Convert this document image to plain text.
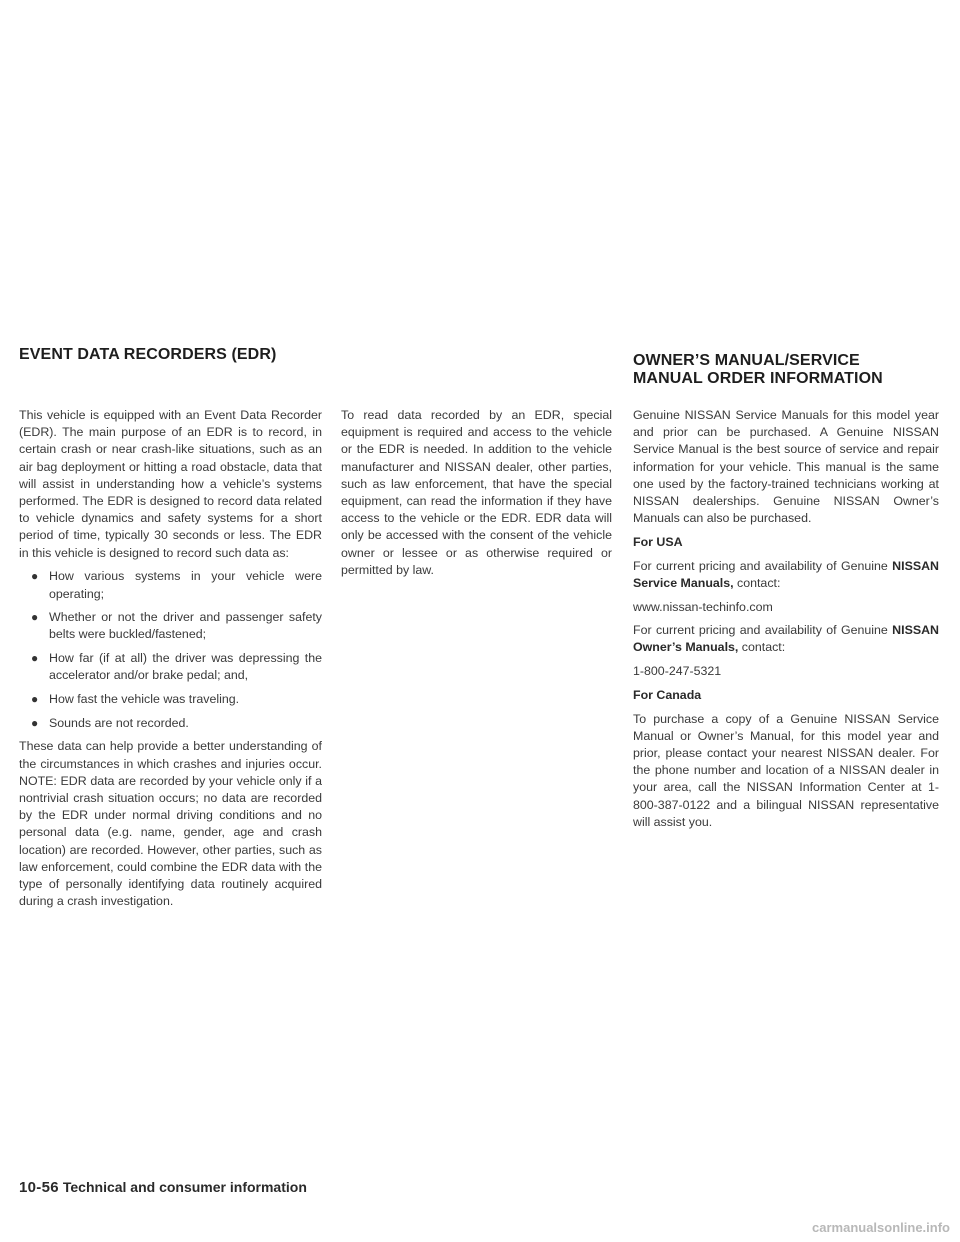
EVENT DATA RECORDERS (EDR)	OWNER’S MANUAL/SERVICE
MANUAL ORDER INFORMATION

This vehicle is equipped with an Event Data Recorder (EDR). The main purpose of an EDR is to record, in certain crash or near crash-like situations, such as an air bag deployment or hitting a road obstacle, data that will assist in understanding how a vehicle’s systems performed. The EDR is designed to record data related to vehicle dynamics and safety systems for a short period of time, typically 30 seconds or less. The EDR in this vehicle is designed to record such data as:

● How various systems in your vehicle were operating;
● Whether or not the driver and passenger safety belts were buckled/fastened;
● How far (if at all) the driver was depressing the accelerator and/or brake pedal; and,
● How fast the vehicle was traveling.
● Sounds are not recorded.

These data can help provide a better understanding of the circumstances in which crashes and injuries occur. NOTE: EDR data are recorded by your vehicle only if a nontrivial crash situation occurs; no data are recorded by the EDR under normal driving conditions and no personal data (e.g. name, gender, age and crash location) are recorded. However, other parties, such as law enforcement, could combine the EDR data with the type of personally identifying data routinely acquired during a crash investigation.

To read data recorded by an EDR, special equipment is required and access to the vehicle or the EDR is needed. In addition to the vehicle manufacturer and NISSAN dealer, other parties, such as law enforcement, that have the special equipment, can read the information if they have access to the vehicle or the EDR. EDR data will only be accessed with the consent of the vehicle owner or lessee or as otherwise required or permitted by law.

Genuine NISSAN Service Manuals for this model year and prior can be purchased. A Genuine NISSAN Service Manual is the best source of service and repair information for your vehicle. This manual is the same one used by the factory-trained technicians working at NISSAN dealerships. Genuine NISSAN Owner’s Manuals can also be purchased.

For USA

For current pricing and availability of Genuine NISSAN Service Manuals, contact:

www.nissan-techinfo.com

For current pricing and availability of Genuine NISSAN Owner’s Manuals, contact:

1-800-247-5321

For Canada

To purchase a copy of a Genuine NISSAN Service Manual or Owner’s Manual, for this model year and prior, please contact your nearest NISSAN dealer. For the phone number and location of a NISSAN dealer in your area, call the NISSAN Information Center at 1-800-387-0122 and a bilingual NISSAN representative will assist you.

10-56 Technical and consumer information
carmanualsonline.info
